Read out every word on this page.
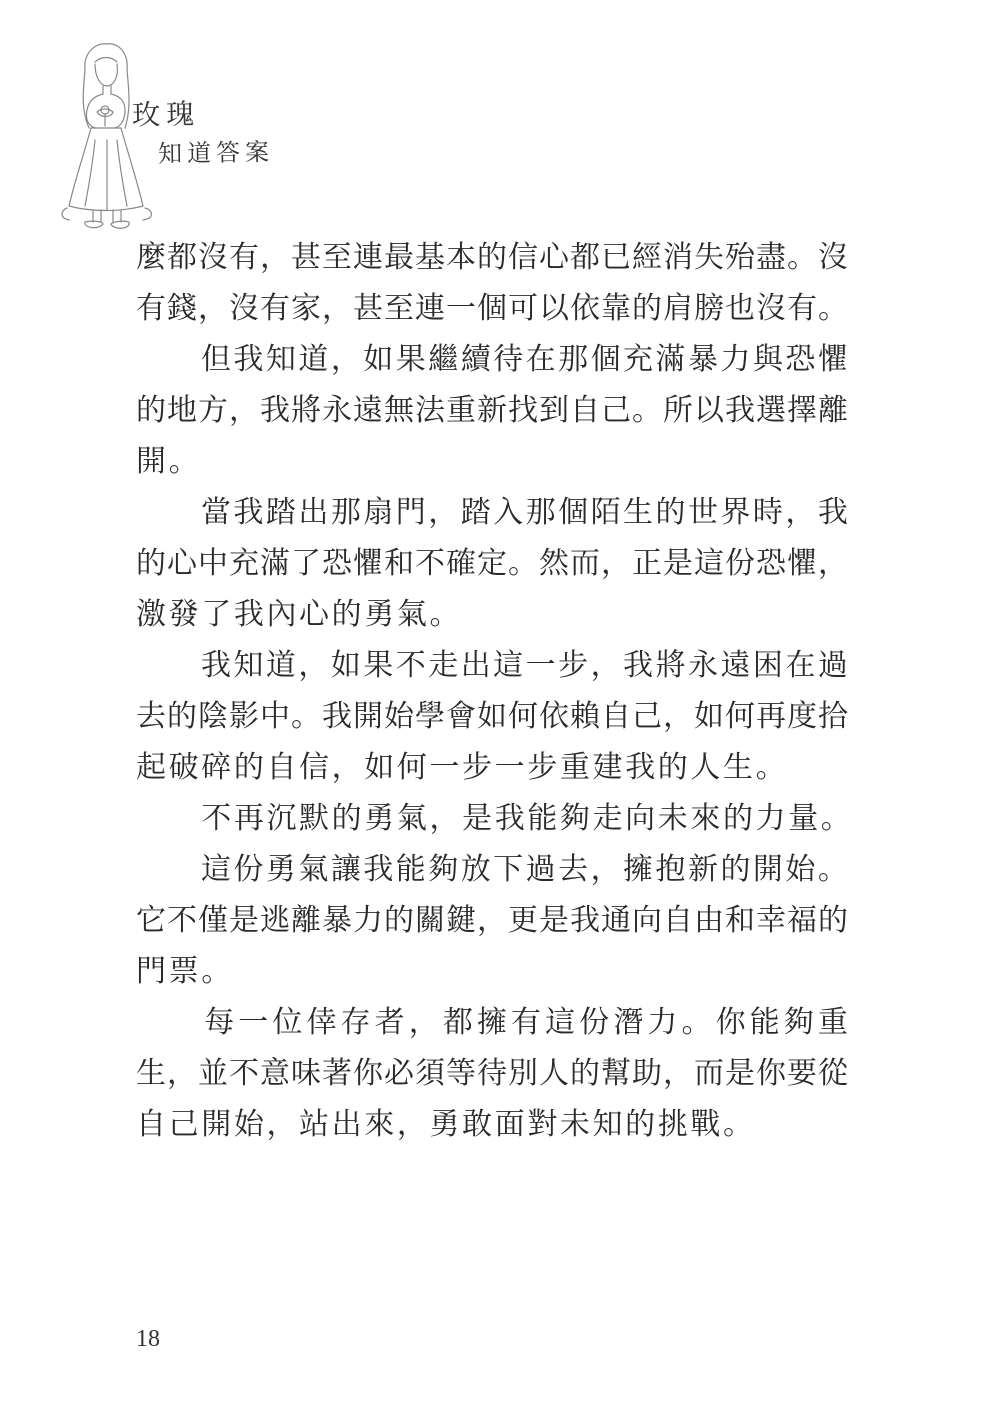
玫瑰
知道答案
麼 都 沒 有 ， 甚 至 連 最 基 本 的 信 心 都 已 經 消 失 殆 盡 。 沒
有 錢 ， 沒 有 家 ， 甚 至 連 一 個 可 以 依 靠 的 肩 膀 也 沒 有 。

但 我 知 道 ， 如 果 繼 續 待 在 那 個 充 滿 暴 力 與 恐 懼
的 地 方 ， 我 將 永 遠 無 法 重 新 找 到 自 己 。 所 以 我 選 擇 離
開 。

當 我 踏 出 那 扇 門 ， 踏 入 那 個 陌 生 的 世 界 時 ， 我
的 心 中 充 滿 了 恐 懼 和 不 確 定 。 然 而 ， 正 是 這 份 恐 懼 ，
激 發 了 我 內 心 的 勇 氣 。

我 知 道 ， 如 果 不 走 出 這 一 步 ， 我 將 永 遠 困 在 過
去 的 陰 影 中 。 我 開 始 學 會 如 何 依 賴 自 己 ， 如 何 再 度 拾
起 破 碎 的 自 信 ， 如 何 一 步 一 步 重 建 我 的 人 生 。

不 再 沉 默 的 勇 氣 ， 是 我 能 夠 走 向 未 來 的 力 量 。

這 份 勇 氣 讓 我 能 夠 放 下 過 去 ， 擁 抱 新 的 開 始 。
它 不 僅 是 逃 離 暴 力 的 關 鍵 ， 更 是 我 通 向 自 由 和 幸 福 的
門 票 。

每 一 位 倖 存 者 ， 都 擁 有 這 份 潛 力 。 你 能 夠 重
生 ， 並 不 意 味 著 你 必 須 等 待 別 人 的 幫 助 ， 而 是 你 要 從
自 己 開 始 ， 站 出 來 ， 勇 敢 面 對 未 知 的 挑 戰 。
18
